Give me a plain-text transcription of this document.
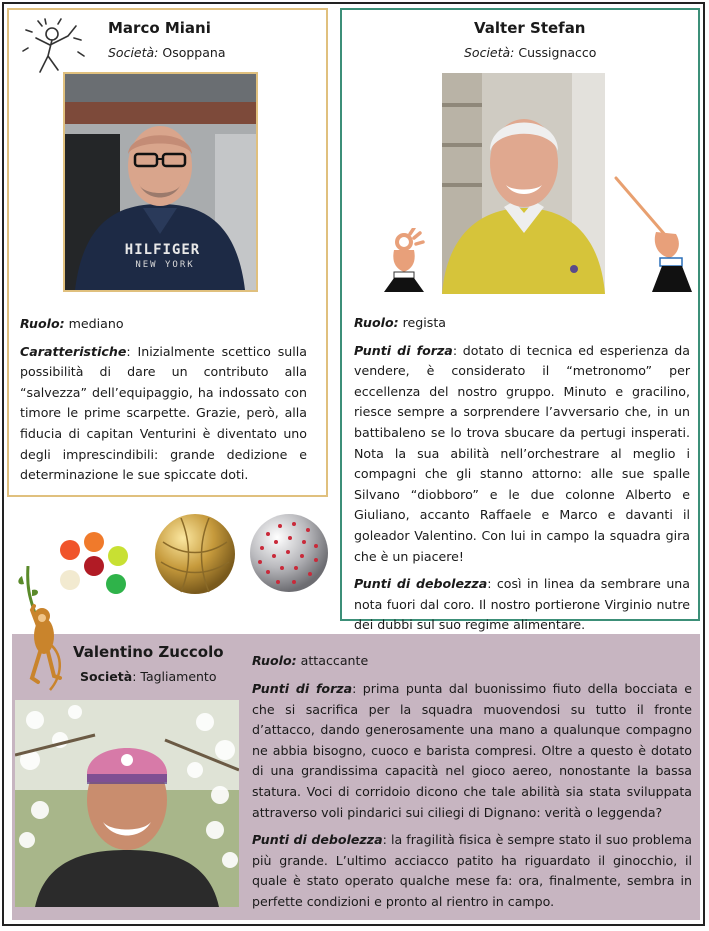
Marco Miani
Società: Osoppana
HILFIGER
NEW YORK

Ruolo: mediano

Caratteristiche: Inizialmente scettico sulla possibilità di dare un contributo alla “salvezza” dell’equipaggio, ha indossato con timore le prime scarpette. Grazie, però, alla fiducia di capitan Venturini è diventato uno degli imprescindibili: grande dedizione e determinazione le sue spiccate doti.

Valter Stefan
Società: Cussignacco

Ruolo: regista

Punti di forza: dotato di tecnica ed esperienza da vendere, è considerato il “metronomo” per eccellenza del nostro gruppo. Minuto e gracilino, riesce sempre a sorprendere l’avversario che, in un battibaleno se lo trova sbucare da pertugi insperati. Nota la sua abilità nell’orchestrare al meglio i compagni che gli stanno attorno: alle sue spalle Silvano “diobboro” e le due colonne Alberto e Giuliano, accanto Raffaele e Marco e davanti il goleador Valentino. Con lui in campo la squadra gira che è un piacere!

Punti di debolezza: così in linea da sembrare una nota fuori dal coro. Il nostro portierone Virginio nutre dei dubbi sul suo regime alimentare.

Valentino Zuccolo
Società: Tagliamento
Ruolo: attaccante

Punti di forza: prima punta dal buonissimo fiuto della bocciata e che si sacrifica per la squadra muovendosi su tutto il fronte d’attacco, dando generosamente una mano a qualunque compagno ne abbia bisogno, cuoco e barista compresi. Oltre a questo è dotato di una grandissima capacità nel gioco aereo, nonostante la bassa statura. Voci di corridoio dicono che tale abilità sia stata sviluppata attraverso voli pindarici sui ciliegi di Dignano: verità o leggenda?

Punti di debolezza: la fragilità fisica è sempre stato il suo problema più grande. L’ultimo acciacco patito ha riguardato il ginocchio, il quale è stato operato qualche mese fa: ora, finalmente, sembra in perfette condizioni e pronto al rientro in campo.
